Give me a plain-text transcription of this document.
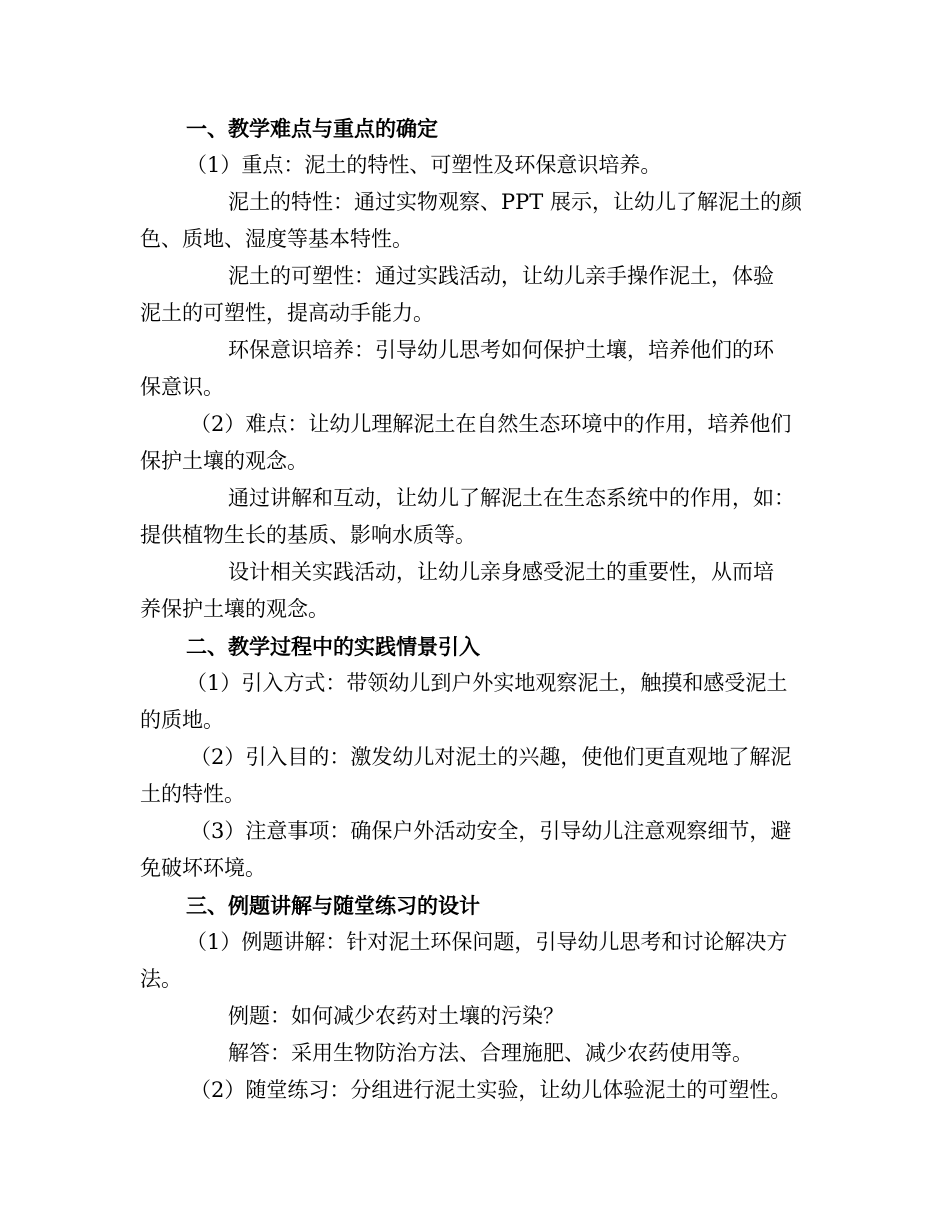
一、教学难点与重点的确定
（1）重点：泥土的特性、可塑性及环保意识培养。
泥土的特性：通过实物观察、PPT 展示，让幼儿了解泥土的颜
色、质地、湿度等基本特性。
泥土的可塑性：通过实践活动，让幼儿亲手操作泥土，体验
泥土的可塑性，提高动手能力。
环保意识培养：引导幼儿思考如何保护土壤，培养他们的环
保意识。
（2）难点：让幼儿理解泥土在自然生态环境中的作用，培养他们
保护土壤的观念。
通过讲解和互动，让幼儿了解泥土在生态系统中的作用，如：
提供植物生长的基质、影响水质等。
设计相关实践活动，让幼儿亲身感受泥土的重要性，从而培
养保护土壤的观念。
二、教学过程中的实践情景引入
（1）引入方式：带领幼儿到户外实地观察泥土，触摸和感受泥土
的质地。
（2）引入目的：激发幼儿对泥土的兴趣，使他们更直观地了解泥
土的特性。
（3）注意事项：确保户外活动安全，引导幼儿注意观察细节，避
免破坏环境。
三、例题讲解与随堂练习的设计
（1）例题讲解：针对泥土环保问题，引导幼儿思考和讨论解决方
法。
例题：如何减少农药对土壤的污染？
解答：采用生物防治方法、合理施肥、减少农药使用等。
（2）随堂练习：分组进行泥土实验，让幼儿体验泥土的可塑性。
